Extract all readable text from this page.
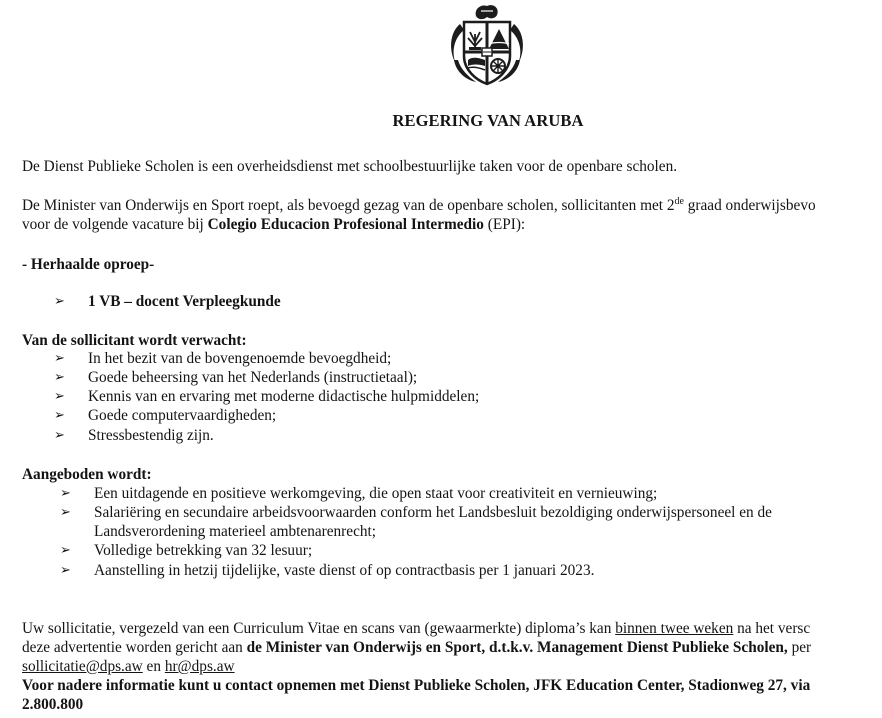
REGERING VAN ARUBA
De Dienst Publieke Scholen is een overheidsdienst met schoolbestuurlijke taken voor de openbare scholen.
De Minister van Onderwijs en Sport roept, als bevoegd gezag van de openbare scholen, sollicitanten met 2de graad onderwijsbevo
voor de volgende vacature bij Colegio Educacion Profesional Intermedio (EPI):
- Herhaalde oproep-
➢ 1 VB – docent Verpleegkunde
Van de sollicitant wordt verwacht:
➢ In het bezit van de bovengenoemde bevoegdheid;
➢ Goede beheersing van het Nederlands (instructietaal);
➢ Kennis van en ervaring met moderne didactische hulpmiddelen;
➢ Goede computervaardigheden;
➢ Stressbestendig zijn.
Aangeboden wordt:
➢ Een uitdagende en positieve werkomgeving, die open staat voor creativiteit en vernieuwing;
➢ Salariëring en secundaire arbeidsvoorwaarden conform het Landsbesluit bezoldiging onderwijspersoneel en de
Landsverordening materieel ambtenarenrecht;
➢ Volledige betrekking van 32 lesuur;
➢ Aanstelling in hetzij tijdelijke, vaste dienst of op contractbasis per 1 januari 2023.
Uw sollicitatie, vergezeld van een Curriculum Vitae en scans van (gewaarmerkte) diploma’s kan binnen twee weken na het versc
deze advertentie worden gericht aan de Minister van Onderwijs en Sport, d.t.k.v. Management Dienst Publieke Scholen, per
sollicitatie@dps.aw en hr@dps.aw
Voor nadere informatie kunt u contact opnemen met Dienst Publieke Scholen, JFK Education Center, Stadionweg 27, via
2.800.800
